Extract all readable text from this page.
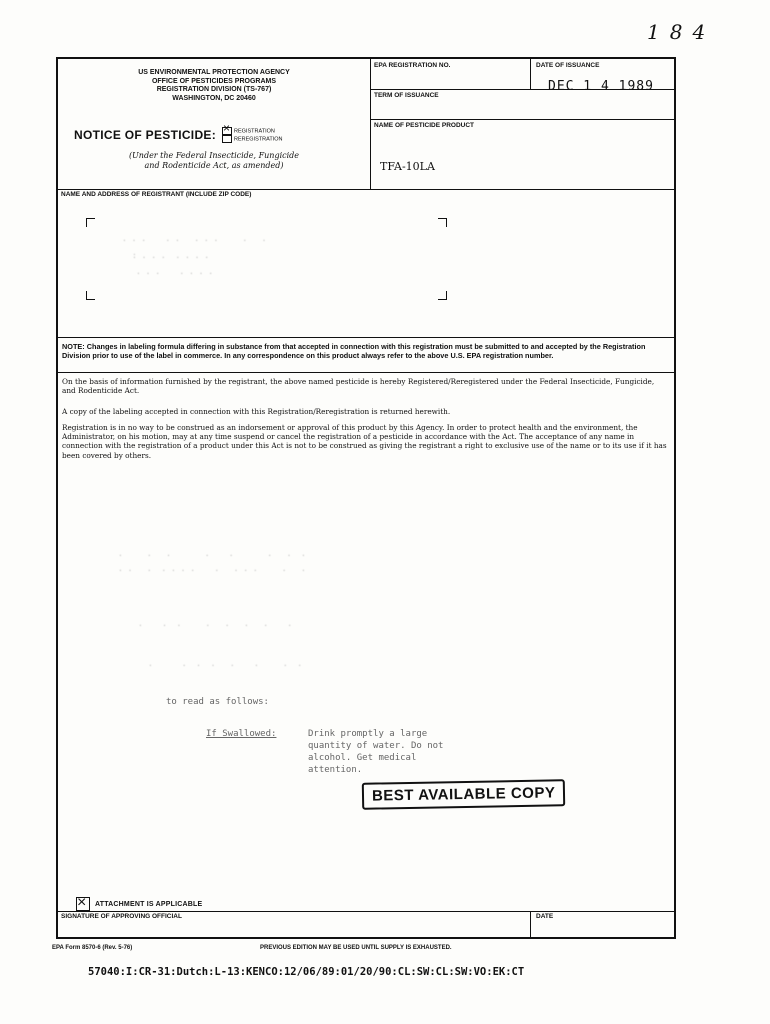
184
US ENVIRONMENTAL PROTECTION AGENCY
OFFICE OF PESTICIDES PROGRAMS
REGISTRATION DIVISION (TS-767)
WASHINGTON, DC 20460
NOTICE OF PESTICIDE:
×	REGISTRATION
REREGISTRATION
(Under the Federal Insecticide, Fungicide
and Rodenticide Act, as amended)
EPA REGISTRATION NO.	DATE OF ISSUANCE
DEC 1 4 1989
TERM OF ISSUANCE
NAME OF PESTICIDE PRODUCT
TFA-10LA
NAME AND ADDRESS OF REGISTRANT (INCLUDE ZIP CODE)
. . .    . .   . . .     .   .
: . . .  . . . .
. . .    . . . .
NOTE: Changes in labeling formula differing in substance from that accepted in connection with this registration must be submitted to and accepted by the Registration Division prior to use of the label in commerce. In any correspondence on this product always refer to the above U.S. EPA registration number.
On the basis of information furnished by the registrant, the above named pesticide is hereby Registered/Reregistered under the Federal Insecticide, Fungicide, and Rodenticide Act.
A copy of the labeling accepted in connection with this Registration/Reregistration is returned herewith.
Registration is in no way to be construed as an indorsement or approval of this product by this Agency. In order to protect health and the environment, the Administrator, on his motion, may at any time suspend or cancel the registration of a pesticide in accordance with the Act. The acceptance of any name in connection with the registration of a product under this Act is not to be construed as giving the registrant a right to exclusive use of the name or to its use if it has been covered by others.
.     .   .       .    .       .   .  .
. .   .  . . . .    .   . . .     .   .
.    .  .     .   .   .   .    .
.      .  .  .   .    .     .  .
to read as follows:
If Swallowed:	Drink promptly a large
quantity of water. Do not
alcohol. Get medical
attention.
×
ATTACHMENT IS APPLICABLE
SIGNATURE OF APPROVING OFFICIAL	DATE
BEST AVAILABLE COPY
EPA Form 8570-6 (Rev. 5-76)	PREVIOUS EDITION MAY BE USED UNTIL SUPPLY IS EXHAUSTED.
57040:I:CR-31:Dutch:L-13:KENCO:12/06/89:01/20/90:CL:SW:CL:SW:VO:EK:CT
